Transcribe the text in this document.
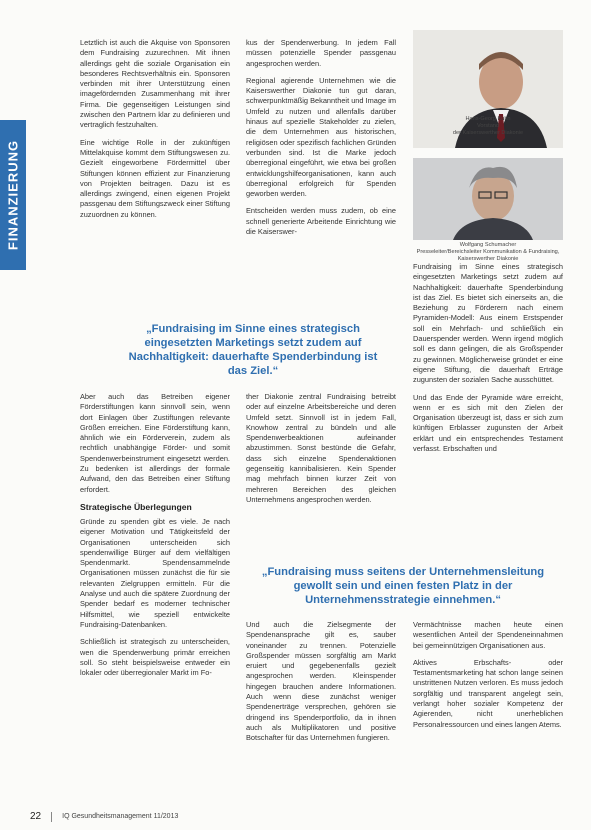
FINANZIERUNG

Letztlich ist auch die Akquise von Sponsoren dem Fundraising zuzurechnen. Mit ihnen allerdings geht die soziale Organisation ein besonderes Rechtsverhältnis ein. Sponsoren verbinden mit ihrer Unterstützung einen imagefördernden Zusammenhang mit ihrer Firma. Die gegenseitigen Leistungen sind zwischen den Partnern klar zu definieren und vertraglich festzuhalten.

Eine wichtige Rolle in der zukünftigen Mittelakquise kommt dem Stiftungswesen zu. Gezielt eingeworbene Fördermittel über Stiftungen können effizient zur Finanzierung von Projekten beitragen. Dazu ist es allerdings zwingend, einen eigenen Projekt passgenau dem Stiftungszweck einer Stiftung zuzuordnen zu können.

kus der Spenderwerbung. In jedem Fall müssen potenzielle Spender passgenau angesprochen werden.

Regional agierende Unternehmen wie die Kaiserswerther Diakonie tun gut daran, schwerpunktmäßig Bekanntheit und Image im Umfeld zu nutzen und allenfalls darüber hinaus auf spezielle Stakeholder zu zielen, die dem Unternehmen aus historischen, religiösen oder spezifisch fachlichen Gründen verbunden sind. Ist die Marke jedoch überregional eingeführt, wie etwa bei großen entwicklungshilfeorganisationen, kann auch überregional erfolgreich für Spenden geworben werden.

Entscheiden werden muss zudem, ob eine schnell generierte Arbeitende Einrichtung wie die Kaiserswer-

Hans-Georg Kuhn
Vorstand
der Kaiserswerther Diakonie
Wolfgang Schumacher
Presseleiter/Bereichsleiter Kommunikation & Fundraising, Kaiserswerther Diakonie

Fundraising im Sinne eines strategisch eingesetzten Marketings setzt zudem auf Nachhaltigkeit: dauerhafte Spenderbindung ist das Ziel. Es bietet sich einerseits an, die Beziehung zu Förderern nach einem Pyramiden-Modell: Aus einem Erstspender soll ein Mehrfach- und schließlich ein Dauerspender werden. Wenn irgend möglich soll es dann gelingen, die als Großspender zu gewinnen. Möglicherweise gründet er eine eigene Stiftung, die dauerhaft Erträge zugunsten der sozialen Sache ausschüttet.

Und das Ende der Pyramide wäre erreicht, wenn er es sich mit den Zielen der Organisation überzeugt ist, dass er sich zum künftigen Erblasser zugunsten der Arbeit erklärt und ein entsprechendes Testament verfasst. Erbschaften und

„Fundraising im Sinne eines strategisch eingesetzten Marketings setzt zudem auf Nachhaltigkeit: dauerhafte Spenderbindung ist das Ziel.“

Aber auch das Betreiben eigener Förderstiftungen kann sinnvoll sein, wenn dort Einlagen über Zustiftungen relevante Größen erreichen. Eine Förderstiftung kann, ähnlich wie ein Förderverein, zudem als rechtlich unabhängige Förder- und somit Spendenwerbeinstrument eingesetzt werden. Zu bedenken ist allerdings der formale Aufwand, den das Betreiben einer Stiftung erfordert.

Strategische Überlegungen

Gründe zu spenden gibt es viele. Je nach eigener Motivation und Tätigkeitsfeld der Organisationen unterscheiden sich spendenwillige Bürger auf dem vielfältigen Spendenmarkt. Spendensammelnde Organisationen müssen zunächst die für sie relevanten Zielgruppen ermitteln. Für die Analyse und auch die spätere Zuordnung der Spender bedarf es moderner technischer Hilfsmittel, wie speziell entwickelte Fundraising-Datenbanken.

Schließlich ist strategisch zu unterscheiden, wen die Spenderwerbung primär erreichen soll. So steht beispielsweise entweder ein lokaler oder überregionaler Markt im Fo-

ther Diakonie zentral Fundraising betreibt oder auf einzelne Arbeitsbereiche und deren Umfeld setzt. Sinnvoll ist in jedem Fall, Knowhow zentral zu bündeln und alle Spendenwerbeaktionen aufeinander abzustimmen. Sonst bestünde die Gefahr, dass sich einzelne Spendenaktionen gegenseitig kannibalisieren. Kein Spender mag mehrfach binnen kurzer Zeit von mehreren Bereichen des gleichen Unternehmens angesprochen werden.

„Fundraising muss seitens der Unternehmensleitung gewollt sein und einen festen Platz in der Unternehmensstrategie einnehmen.“

Und auch die Zielsegmente der Spendenansprache gilt es, sauber voneinander zu trennen. Potenzielle Großspender müssen sorgfältig am Markt eruiert und gegebenenfalls gezielt angesprochen werden. Kleinspender hingegen brauchen andere Informationen. Auch wenn diese zunächst weniger Spendenerträge versprechen, gehören sie dringend ins Spenderportfolio, da in ihnen auch als Multiplikatoren und positive Botschafter für das Unternehmen fungieren.

Vermächtnisse machen heute einen wesentlichen Anteil der Spendeneinnahmen bei gemeinnützigen Organisationen aus.

Aktives Erbschafts- oder Testamentsmarketing hat schon lange seinen unstrittenen Nutzen verloren. Es muss jedoch sorgfältig und transparent angelegt sein, verlangt hoher sozialer Kompetenz der Agierenden, nicht unerheblichen Personalressourcen und eines langen Atems.

22	IQ Gesundheitsmanagement 11/2013
